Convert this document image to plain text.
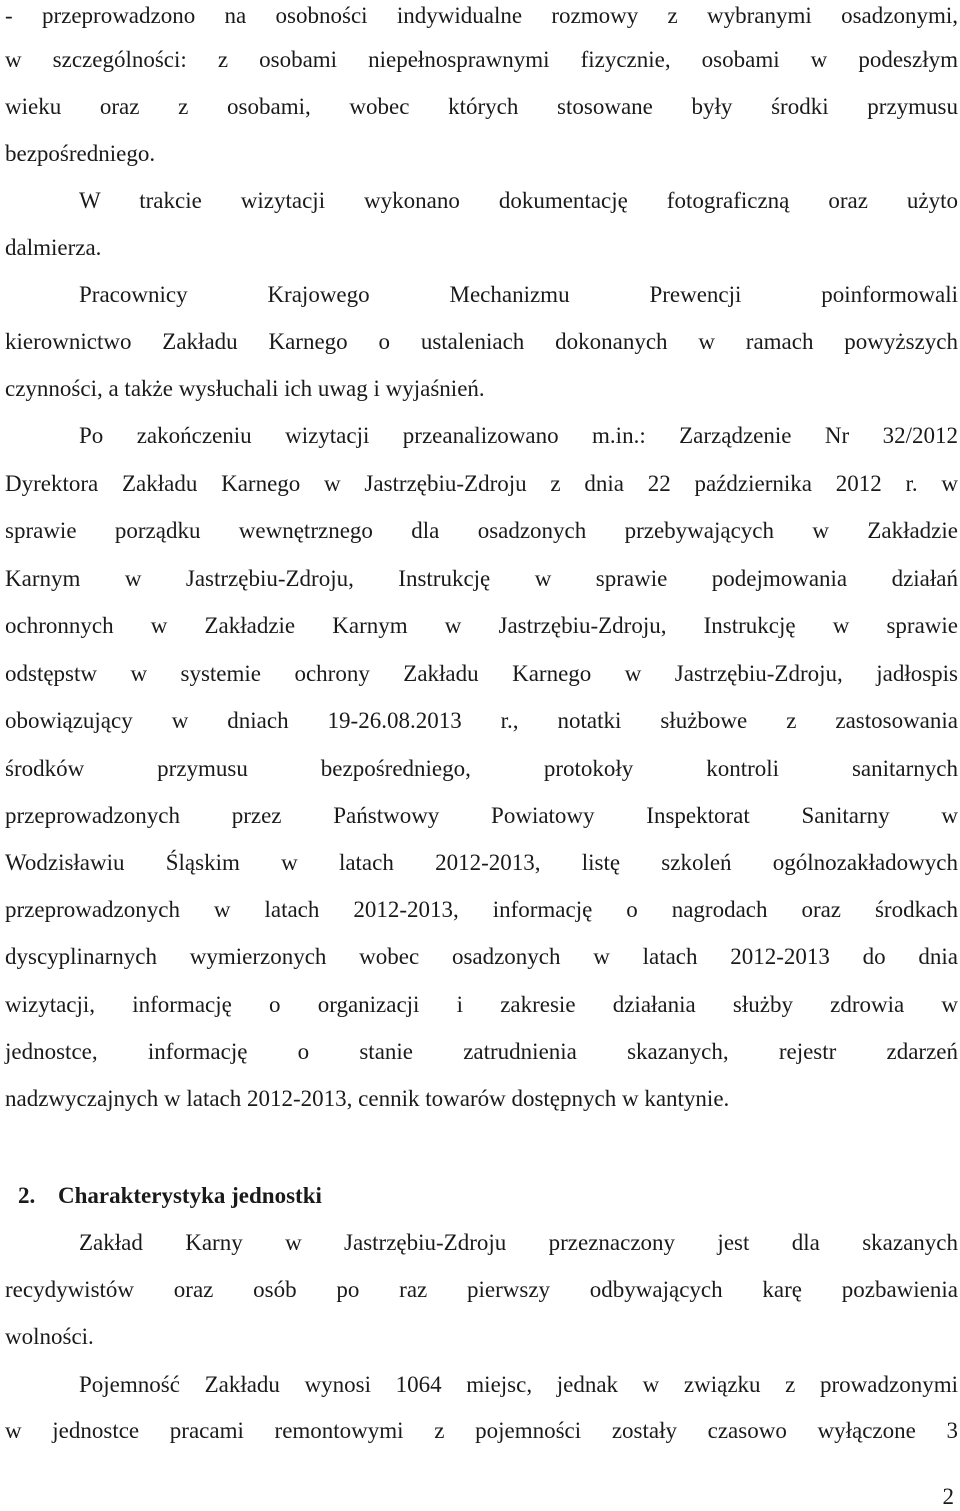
- przeprowadzono na osobności indywidualne rozmowy z wybranymi osadzonymi,
w szczególności: z osobami niepełnosprawnymi fizycznie, osobami w podeszłym
wieku oraz z osobami, wobec których stosowane były środki przymusu
bezpośredniego.
W trakcie wizytacji wykonano dokumentację fotograficzną oraz użyto
dalmierza.
Pracownicy Krajowego Mechanizmu Prewencji poinformowali
kierownictwo Zakładu Karnego o ustaleniach dokonanych w ramach powyższych
czynności, a także wysłuchali ich uwag i wyjaśnień.
Po zakończeniu wizytacji przeanalizowano m.in.: Zarządzenie Nr 32/2012
Dyrektora Zakładu Karnego w Jastrzębiu-Zdroju z dnia 22 października 2012 r. w
sprawie porządku wewnętrznego dla osadzonych przebywających w Zakładzie
Karnym w Jastrzębiu-Zdroju, Instrukcję w sprawie podejmowania działań
ochronnych w Zakładzie Karnym w Jastrzębiu-Zdroju, Instrukcję w sprawie
odstępstw w systemie ochrony Zakładu Karnego w Jastrzębiu-Zdroju, jadłospis
obowiązujący w dniach 19-26.08.2013 r., notatki służbowe z zastosowania
środków przymusu bezpośredniego, protokoły kontroli sanitarnych
przeprowadzonych przez Państwowy Powiatowy Inspektorat Sanitarny w
Wodzisławiu Śląskim w latach 2012-2013, listę szkoleń ogólnozakładowych
przeprowadzonych w latach 2012-2013, informację o nagrodach oraz środkach
dyscyplinarnych wymierzonych wobec osadzonych w latach 2012-2013 do dnia
wizytacji, informację o organizacji i zakresie działania służby zdrowia w
jednostce, informację o stanie zatrudnienia skazanych, rejestr zdarzeń
nadzwyczajnych w latach 2012-2013, cennik towarów dostępnych w kantynie.
2. Charakterystyka jednostki
Zakład Karny w Jastrzębiu-Zdroju przeznaczony jest dla skazanych
recydywistów oraz osób po raz pierwszy odbywających karę pozbawienia
wolności.
Pojemność Zakładu wynosi 1064 miejsc, jednak w związku z prowadzonymi
w jednostce pracami remontowymi z pojemności zostały czasowo wyłączone 3
2
